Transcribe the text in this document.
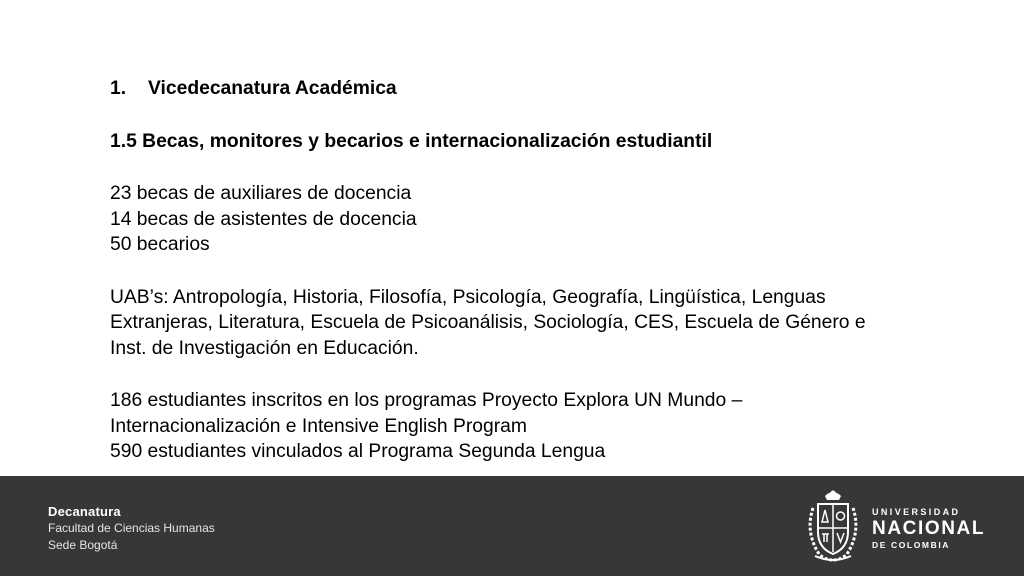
1.	Vicedecanatura Académica
1.5 Becas, monitores y becarios e internacionalización estudiantil
23 becas de auxiliares de docencia
14 becas de asistentes de docencia
50 becarios
UAB’s: Antropología, Historia, Filosofía, Psicología, Geografía, Lingüística, Lenguas
Extranjeras, Literatura, Escuela de Psicoanálisis, Sociología, CES, Escuela de Género e
Inst. de Investigación en Educación.
186 estudiantes inscritos en los programas Proyecto Explora UN Mundo –
Internacionalización e Intensive English Program
590 estudiantes vinculados al Programa Segunda Lengua
Decanatura
Facultad de Ciencias Humanas
Sede Bogotá
UNIVERSIDAD
NACIONAL
DE COLOMBIA
